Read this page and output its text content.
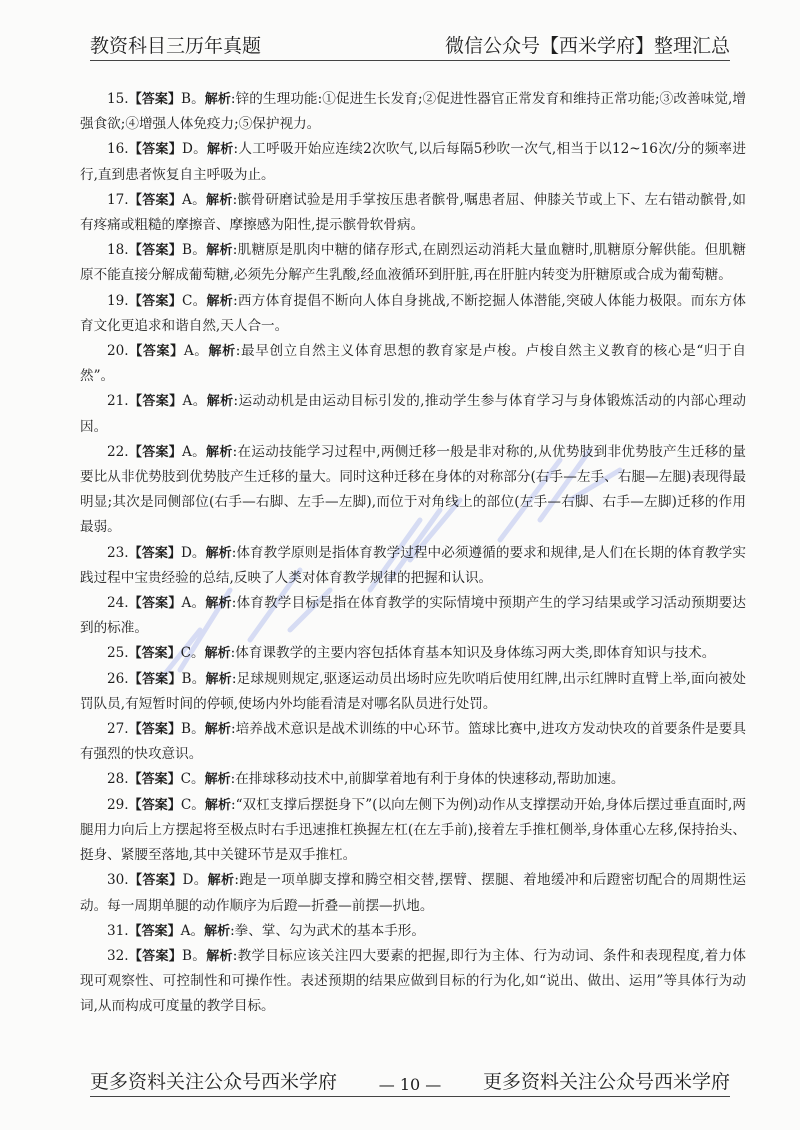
教资科目三历年真题	微信公众号【西米学府】整理汇总

15.【答案】B。解析:锌的生理功能:①促进生长发育;②促进性器官正常发育和维持正常功能;③改善味觉,增强食欲;④增强人体免疫力;⑤保护视力。

16.【答案】D。解析:人工呼吸开始应连续2次吹气,以后每隔5秒吹一次气,相当于以12~16次/分的频率进行,直到患者恢复自主呼吸为止。

17.【答案】A。解析:髌骨研磨试验是用手掌按压患者髌骨,嘱患者屈、伸膝关节或上下、左右错动髌骨,如有疼痛或粗糙的摩擦音、摩擦感为阳性,提示髌骨软骨病。

18.【答案】B。解析:肌糖原是肌肉中糖的储存形式,在剧烈运动消耗大量血糖时,肌糖原分解供能。但肌糖原不能直接分解成葡萄糖,必须先分解产生乳酸,经血液循环到肝脏,再在肝脏内转变为肝糖原或合成为葡萄糖。

19.【答案】C。解析:西方体育提倡不断向人体自身挑战,不断挖掘人体潜能,突破人体能力极限。而东方体育文化更追求和谐自然,天人合一。

20.【答案】A。解析:最早创立自然主义体育思想的教育家是卢梭。卢梭自然主义教育的核心是“归于自然”。

21.【答案】A。解析:运动动机是由运动目标引发的,推动学生参与体育学习与身体锻炼活动的内部心理动因。

22.【答案】A。解析:在运动技能学习过程中,两侧迁移一般是非对称的,从优势肢到非优势肢产生迁移的量要比从非优势肢到优势肢产生迁移的量大。同时这种迁移在身体的对称部分(右手—左手、右腿—左腿)表现得最明显;其次是同侧部位(右手—右脚、左手—左脚),而位于对角线上的部位(左手—右脚、右手—左脚)迁移的作用最弱。

23.【答案】D。解析:体育教学原则是指体育教学过程中必须遵循的要求和规律,是人们在长期的体育教学实践过程中宝贵经验的总结,反映了人类对体育教学规律的把握和认识。

24.【答案】A。解析:体育教学目标是指在体育教学的实际情境中预期产生的学习结果或学习活动预期要达到的标准。

25.【答案】C。解析:体育课教学的主要内容包括体育基本知识及身体练习两大类,即体育知识与技术。

26.【答案】B。解析:足球规则规定,驱逐运动员出场时应先吹哨后使用红牌,出示红牌时直臂上举,面向被处罚队员,有短暂时间的停顿,使场内外均能看清是对哪名队员进行处罚。

27.【答案】B。解析:培养战术意识是战术训练的中心环节。篮球比赛中,进攻方发动快攻的首要条件是要具有强烈的快攻意识。

28.【答案】C。解析:在排球移动技术中,前脚掌着地有利于身体的快速移动,帮助加速。

29.【答案】C。解析:“双杠支撑后摆挺身下”(以向左侧下为例)动作从支撑摆动开始,身体后摆过垂直面时,两腿用力向后上方摆起将至极点时右手迅速推杠换握左杠(在左手前),接着左手推杠侧举,身体重心左移,保持抬头、挺身、紧腰至落地,其中关键环节是双手推杠。

30.【答案】D。解析:跑是一项单脚支撑和腾空相交替,摆臂、摆腿、着地缓冲和后蹬密切配合的周期性运动。每一周期单腿的动作顺序为后蹬—折叠—前摆—扒地。

31.【答案】A。解析:拳、掌、勾为武术的基本手形。

32.【答案】B。解析:教学目标应该关注四大要素的把握,即行为主体、行为动词、条件和表现程度,着力体现可观察性、可控制性和可操作性。表述预期的结果应做到目标的行为化,如“说出、做出、运用”等具体行为动词,从而构成可度量的教学目标。

更多资料关注公众号西米学府	— 10 — 更多资料关注公众号西米学府
